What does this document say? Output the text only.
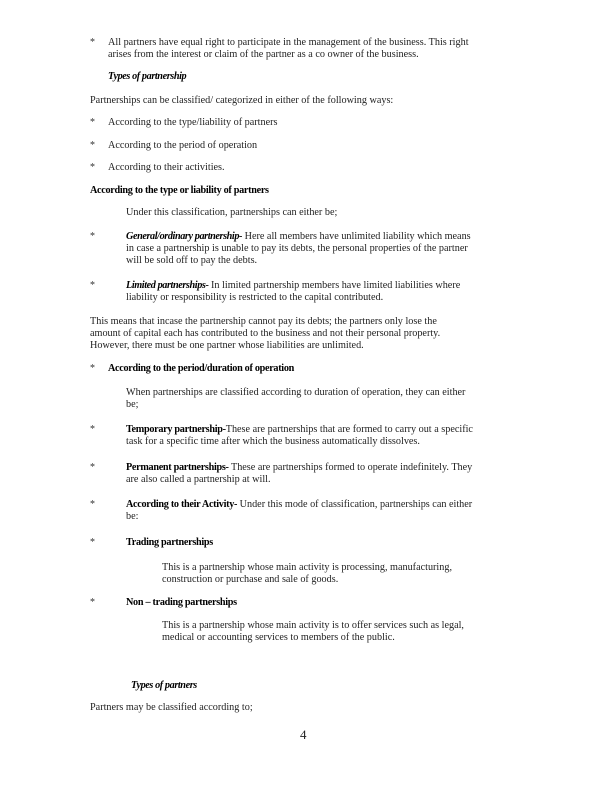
* All partners have equal right to participate in the management of the business. This right
arises from the interest or claim of the partner as a co owner of the business.
Types of partnership
Partnerships can be classified/ categorized in either of the following ways:
* According to the type/liability of partners
* According to the period of operation
* According to their activities.
According to the type or liability of partners
Under this classification, partnerships can either be;
*	General/ordinary partnership- Here all members have unlimited liability which means
in case a partnership is unable to pay its debts, the personal properties of the partner
will be sold off to pay the debts.
*	Limited partnerships- In limited partnership members have limited liabilities where
liability or responsibility is restricted to the capital contributed.
This means that incase the partnership cannot pay its debts; the partners only lose the
amount of capital each has contributed to the business and not their personal property.
However, there must be one partner whose liabilities are unlimited.
* According to the period/duration of operation
When partnerships are classified according to duration of operation, they can either
be;
*	Temporary partnership-These are partnerships that are formed to carry out a specific
task for a specific time after which the business automatically dissolves.
*	Permanent partnerships- These are partnerships formed to operate indefinitely. They
are also called a partnership at will.
*	According to their Activity- Under this mode of classification, partnerships can either
be:
*	Trading partnerships
This is a partnership whose main activity is processing, manufacturing,
construction or purchase and sale of goods.
*	Non – trading partnerships
This is a partnership whose main activity is to offer services such as legal,
medical or accounting services to members of the public.
Types of partners
Partners may be classified according to;
4
